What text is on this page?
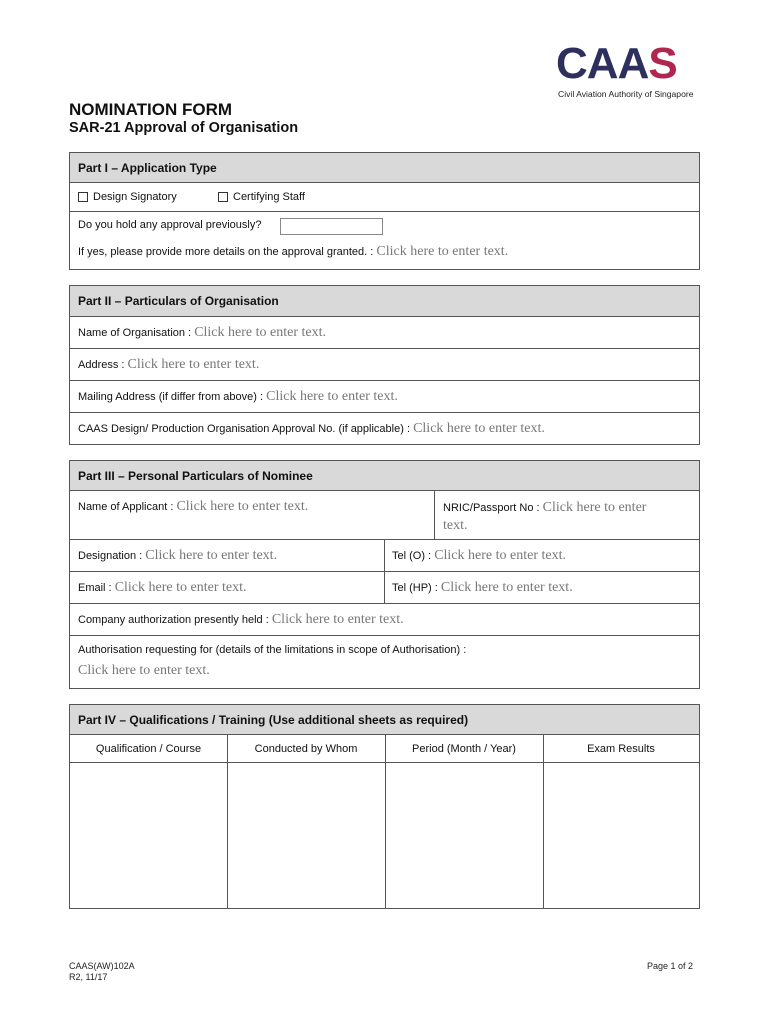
CAAS
Civil Aviation Authority of Singapore
NOMINATION FORM
SAR-21 Approval of Organisation
Part I – Application Type
Design Signatory	Certifying Staff
Do you hold any approval previously?
If yes, please provide more details on the approval granted. : Click here to enter text.
Part II – Particulars of Organisation
Name of Organisation :
Click here to enter text.
Address :
Click here to enter text.
Mailing Address (if differ from above) :
Click here to enter text.
CAAS Design/ Production Organisation Approval No. (if applicable) :
Click here to enter text.
Part III – Personal Particulars of Nominee
Name of Applicant : Click here to enter text.	NRIC/Passport No : Click here to enter
text.
Designation :
Click here to enter text.	Tel (O) :
Click here to enter text.
Email :
Click here to enter text.	Tel (HP) :
Click here to enter text.
Company authorization presently held :
Click here to enter text.
Authorisation requesting for (details of the limitations in scope of Authorisation) :
Click here to enter text.
Part IV – Qualifications / Training (Use additional sheets as required)
Qualification / Course	Conducted by Whom	Period (Month / Year)	Exam Results
CAAS(AW)102A
R2, 11/17
Page 1 of 2
